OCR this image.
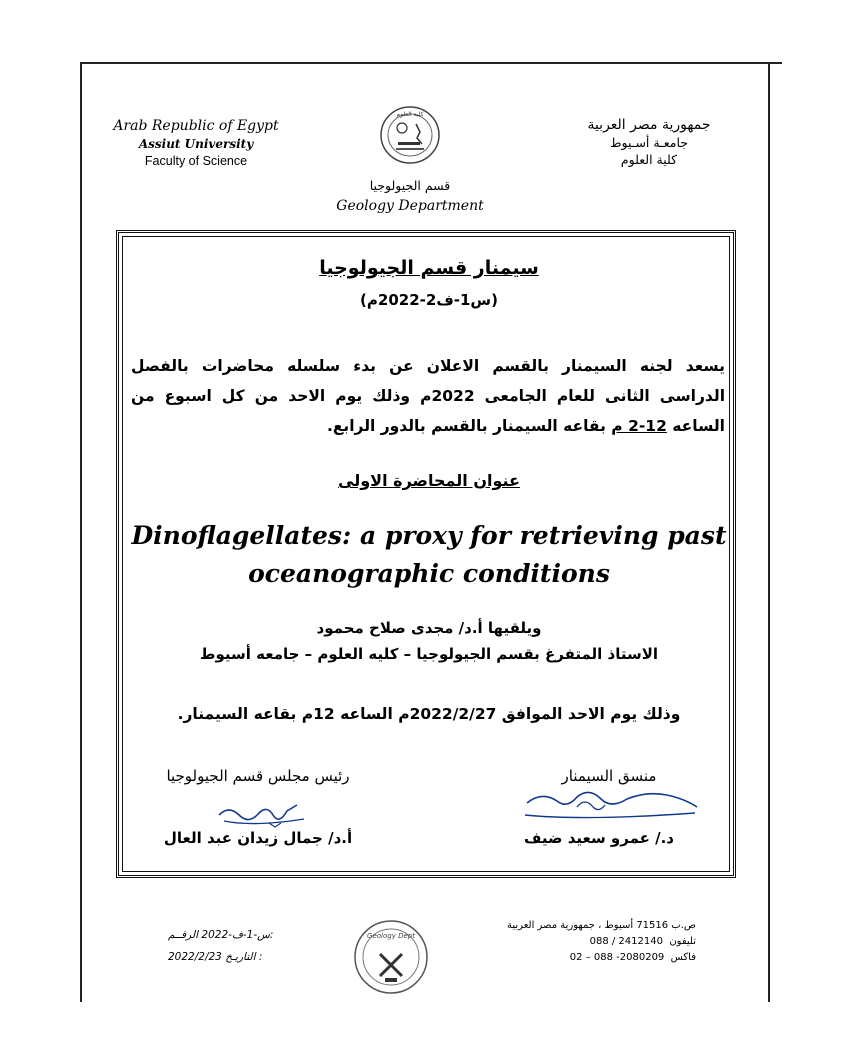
Arab Republic of Egypt
Assiut University
Faculty of Science
كلية العلوم
جمهورية مصر العربية
جامعـة أسـيوط
كلية العلوم
قسم الجيولوجيا
Geology Department
سيمنار قسم الجيولوجيا
(س1-ف2-2022م)
يسعد لجنه السيمنار بالقسم الاعلان عن بدء سلسله محاضرات بالفصل الدراسى الثانى للعام الجامعى 2022م وذلك يوم الاحد من كل اسبوع من الساعه 12-2 م بقاعه السيمنار بالقسم بالدور الرابع.
عنوان المحاضرة الاولى
Dinoflagellates: a proxy for retrieving past oceanographic conditions
ويلقيها أ.د/ مجدى صلاح محمود
الاستاذ المتفرغ بقسم الجيولوجيا – كليه العلوم – جامعه أسيوط
وذلك يوم الاحد الموافق 2022/2/27م الساعه 12م بقاعه السيمنار.
رئيس مجلس قسم الجيولوجيا	منسق السيمنار
أ.د/ جمال زيدان عبد العال	د./ عمرو سعيد ضيف
س-1-ف-2022 الرقــم:
2022/2/23 التاريـخ :
Geology Dept
ص.ب 71516 أسيوط ، جمهورية مصر العربية
تليفون  088 / 2412140
فاكس  02 – 088 -2080209
